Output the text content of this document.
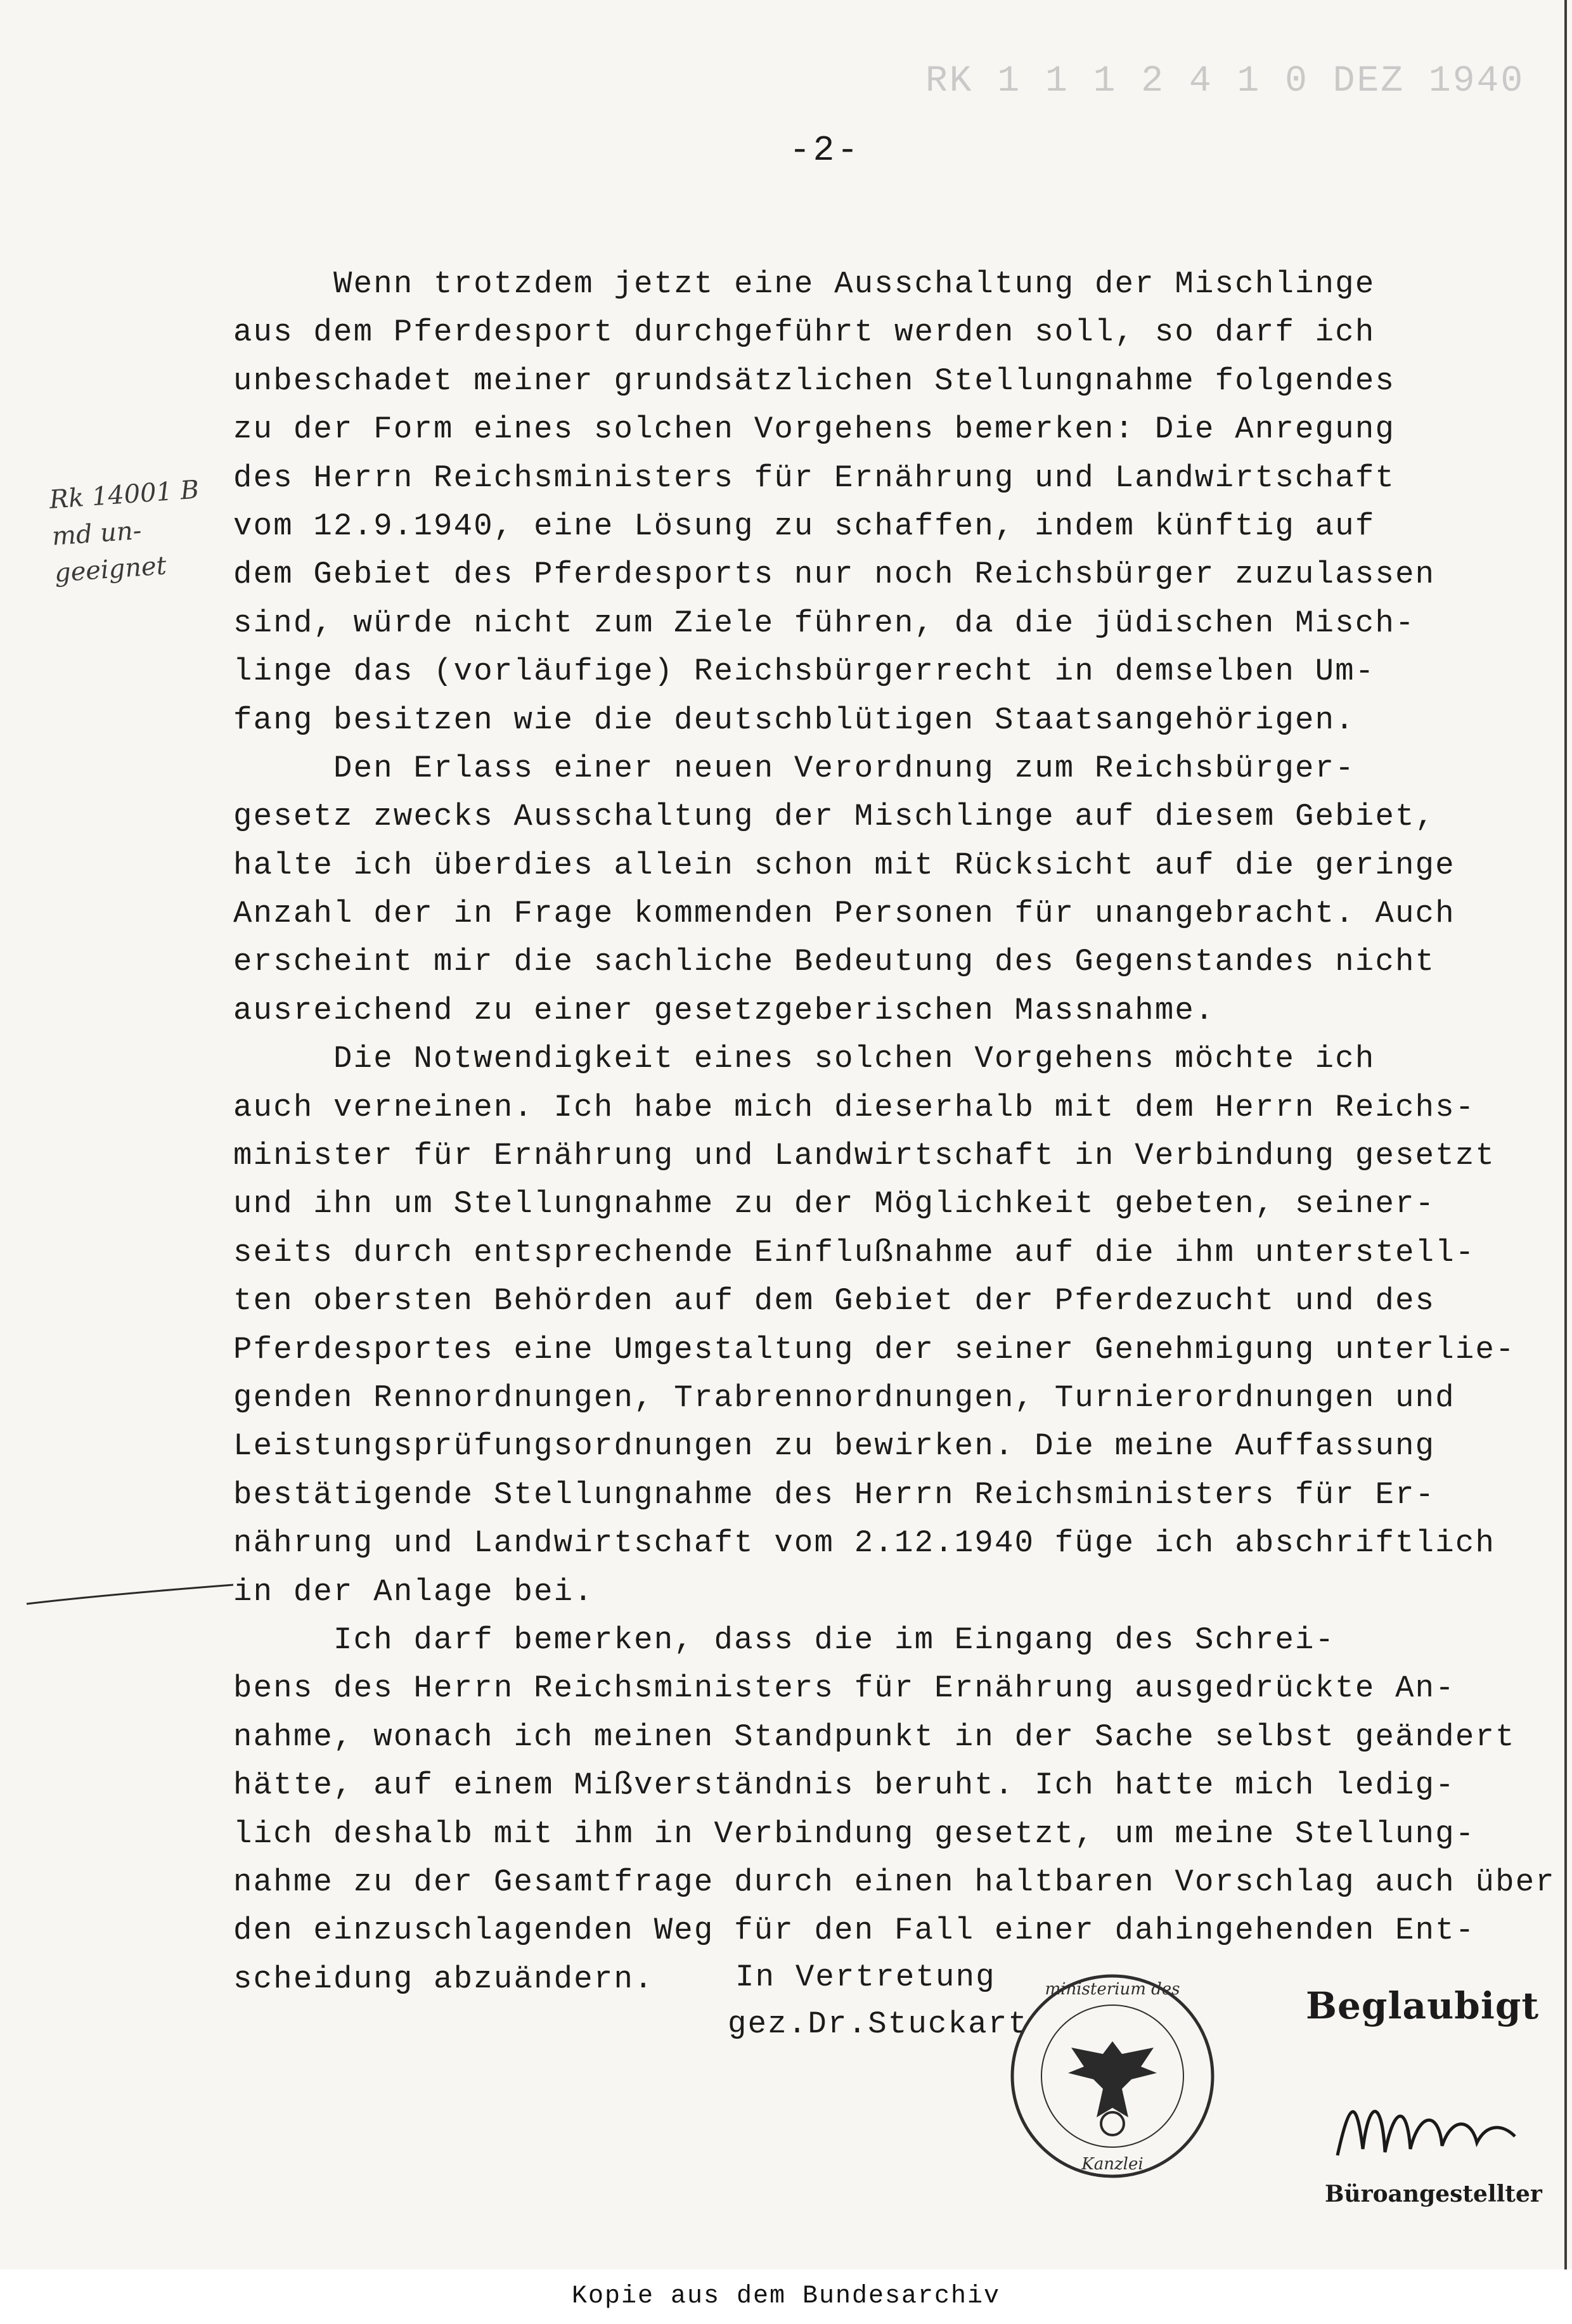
RK 1 1 1 2 4 1 0 DEZ 1940
-2-
Rk 14001 B
md un-
geeignet
Wenn trotzdem jetzt eine Ausschaltung der Mischlinge
aus dem Pferdesport durchgeführt werden soll, so darf ich
unbeschadet meiner grundsätzlichen Stellungnahme folgendes
zu der Form eines solchen Vorgehens bemerken: Die Anregung
des Herrn Reichsministers für Ernährung und Landwirtschaft
vom 12.9.1940, eine Lösung zu schaffen, indem künftig auf
dem Gebiet des Pferdesports nur noch Reichsbürger zuzulassen
sind, würde nicht zum Ziele führen, da die jüdischen Misch-
linge das (vorläufige) Reichsbürgerrecht in demselben Um-
fang besitzen wie die deutschblütigen Staatsangehörigen.
Den Erlass einer neuen Verordnung zum Reichsbürger-
gesetz zwecks Ausschaltung der Mischlinge auf diesem Gebiet,
halte ich überdies allein schon mit Rücksicht auf die geringe
Anzahl der in Frage kommenden Personen für unangebracht. Auch
erscheint mir die sachliche Bedeutung des Gegenstandes nicht
ausreichend zu einer gesetzgeberischen Massnahme.
Die Notwendigkeit eines solchen Vorgehens möchte ich
auch verneinen. Ich habe mich dieserhalb mit dem Herrn Reichs-
minister für Ernährung und Landwirtschaft in Verbindung gesetzt
und ihn um Stellungnahme zu der Möglichkeit gebeten, seiner-
seits durch entsprechende Einflußnahme auf die ihm unterstell-
ten obersten Behörden auf dem Gebiet der Pferdezucht und des
Pferdesportes eine Umgestaltung der seiner Genehmigung unterlie-
genden Rennordnungen, Trabrennordnungen, Turnierordnungen und
Leistungsprüfungsordnungen zu bewirken. Die meine Auffassung
bestätigende Stellungnahme des Herrn Reichsministers für Er-
nährung und Landwirtschaft vom 2.12.1940 füge ich abschriftlich
in der Anlage bei.
Ich darf bemerken, dass die im Eingang des Schrei-
bens des Herrn Reichsministers für Ernährung ausgedrückte An-
nahme, wonach ich meinen Standpunkt in der Sache selbst geändert
hätte, auf einem Mißverständnis beruht. Ich hatte mich ledig-
lich deshalb mit ihm in Verbindung gesetzt, um meine Stellung-
nahme zu der Gesamtfrage durch einen haltbaren Vorschlag auch über
den einzuschlagenden Weg für den Fall einer dahingehenden Ent-
scheidung abzuändern.	In Vertretung
gez.Dr.Stuckart
ministerium des
Kanzlei
Beglaubigt
Büroangestellter
Kopie aus dem Bundesarchiv
